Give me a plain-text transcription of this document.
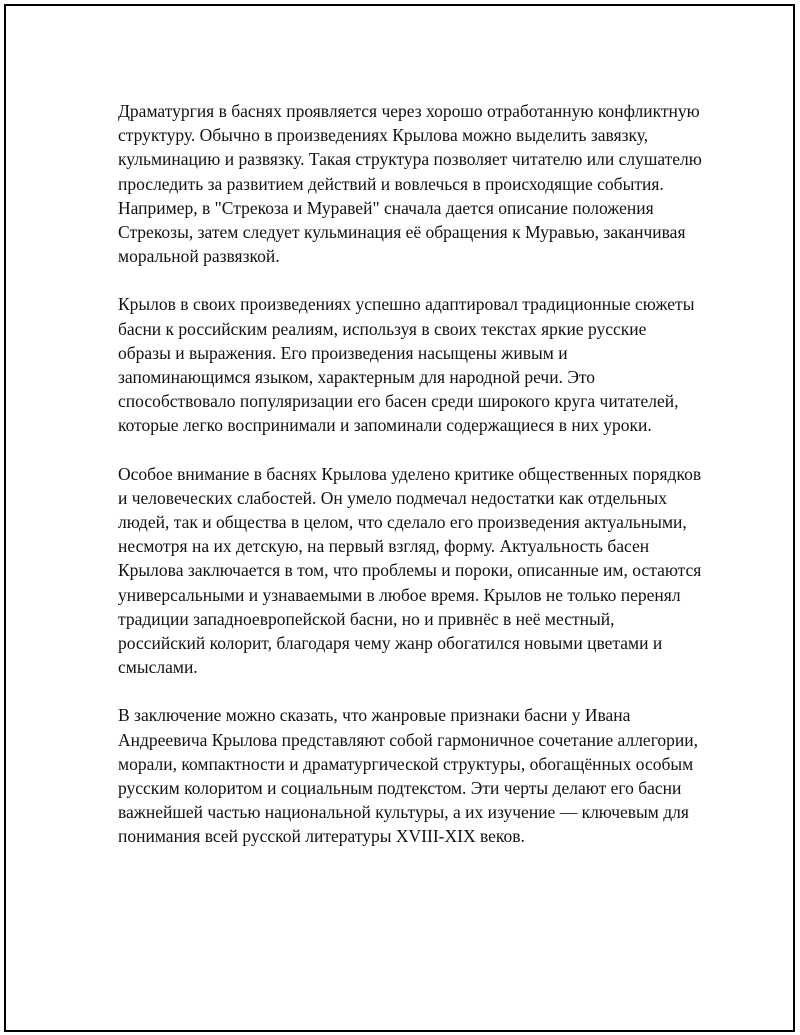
Драматургия в баснях проявляется через хорошо отработанную конфликтную структуру. Обычно в произведениях Крылова можно выделить завязку, кульминацию и развязку. Такая структура позволяет читателю или слушателю проследить за развитием действий и вовлечься в происходящие события. Например, в "Стрекоза и Муравей" сначала дается описание положения Стрекозы, затем следует кульминация её обращения к Муравью, заканчивая моральной развязкой.

Крылов в своих произведениях успешно адаптировал традиционные сюжеты басни к российским реалиям, используя в своих текстах яркие русские образы и выражения. Его произведения насыщены живым и запоминающимся языком, характерным для народной речи. Это способствовало популяризации его басен среди широкого круга читателей, которые легко воспринимали и запоминали содержащиеся в них уроки.

Особое внимание в баснях Крылова уделено критике общественных порядков и человеческих слабостей. Он умело подмечал недостатки как отдельных людей, так и общества в целом, что сделало его произведения актуальными, несмотря на их детскую, на первый взгляд, форму. Актуальность басен Крылова заключается в том, что проблемы и пороки, описанные им, остаются универсальными и узнаваемыми в любое время. Крылов не только перенял традиции западноевропейской басни, но и привнёс в неё местный, российский колорит, благодаря чему жанр обогатился новыми цветами и смыслами.

В заключение можно сказать, что жанровые признаки басни у Ивана Андреевича Крылова представляют собой гармоничное сочетание аллегории, морали, компактности и драматургической структуры, обогащённых особым русским колоритом и социальным подтекстом. Эти черты делают его басни важнейшей частью национальной культуры, а их изучение — ключевым для понимания всей русской литературы XVIII-XIX веков.
